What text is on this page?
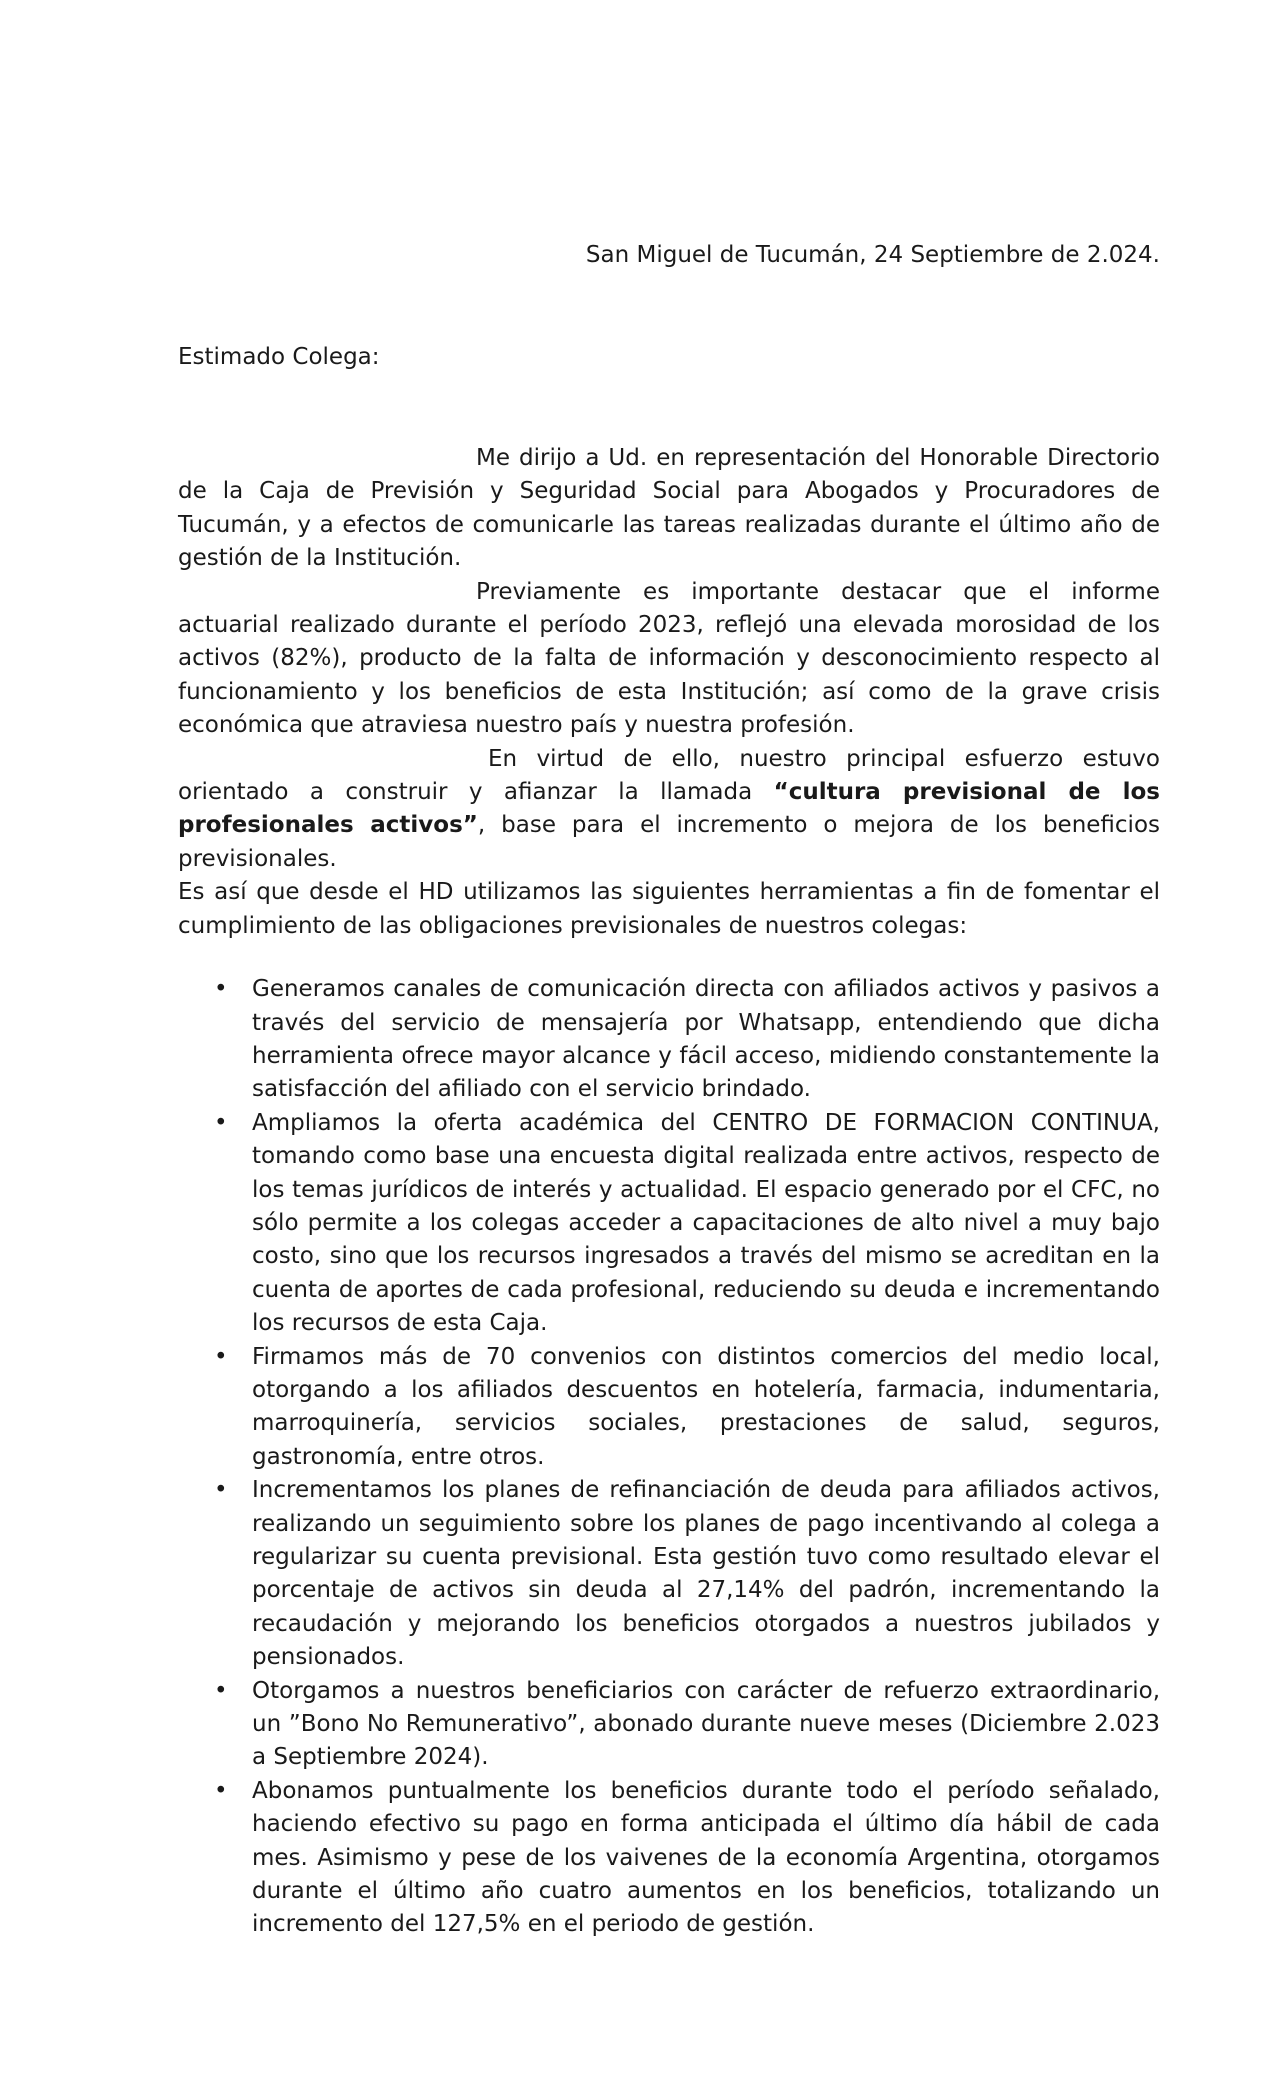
San Miguel de Tucumán, 24 Septiembre de 2.024.
Estimado Colega:

Me dirijo a Ud. en representación del Honorable Directorio de la Caja de Previsión y Seguridad Social para Abogados y Procuradores de Tucumán, y a efectos de comunicarle las tareas realizadas durante el último año de gestión de la Institución.

Previamente es importante destacar que el informe actuarial realizado durante el período 2023, reflejó una elevada morosidad de los activos (82%), producto de la falta de información y desconocimiento respecto al funcionamiento y los beneficios de esta Institución; así como de la grave crisis económica que atraviesa nuestro país y nuestra profesión.

En virtud de ello, nuestro principal esfuerzo estuvo orientado a construir y afianzar la llamada “cultura previsional de los profesionales activos”, base para el incremento o mejora de los beneficios previsionales.

Es así que desde el HD utilizamos las siguientes herramientas a fin de fomentar el cumplimiento de las obligaciones previsionales de nuestros colegas:

• Generamos canales de comunicación directa con afiliados activos y pasivos a través del servicio de mensajería por Whatsapp, entendiendo que dicha herramienta ofrece mayor alcance y fácil acceso, midiendo constantemente la satisfacción del afiliado con el servicio brindado.
• Ampliamos la oferta académica del CENTRO DE FORMACION CONTINUA, tomando como base una encuesta digital realizada entre activos, respecto de los temas jurídicos de interés y actualidad. El espacio generado por el CFC, no sólo permite a los colegas acceder a capacitaciones de alto nivel a muy bajo costo, sino que los recursos ingresados a través del mismo se acreditan en la cuenta de aportes de cada profesional, reduciendo su deuda e incrementando los recursos de esta Caja.
• Firmamos más de 70 convenios con distintos comercios del medio local, otorgando a los afiliados descuentos en hotelería, farmacia, indumentaria, marroquinería, servicios sociales, prestaciones de salud, seguros, gastronomía, entre otros.
• Incrementamos los planes de refinanciación de deuda para afiliados activos, realizando un seguimiento sobre los planes de pago incentivando al colega a regularizar su cuenta previsional. Esta gestión tuvo como resultado elevar el porcentaje de activos sin deuda al 27,14% del padrón, incrementando la recaudación y mejorando los beneficios otorgados a nuestros jubilados y pensionados.
• Otorgamos a nuestros beneficiarios con carácter de refuerzo extraordinario, un ”Bono No Remunerativo”, abonado durante nueve meses (Diciembre 2.023 a Septiembre 2024).
• Abonamos puntualmente los beneficios durante todo el período señalado, haciendo efectivo su pago en forma anticipada el último día hábil de cada mes. Asimismo y pese de los vaivenes de la economía Argentina, otorgamos durante el último año cuatro aumentos en los beneficios, totalizando un incremento del 127,5% en el periodo de gestión.
